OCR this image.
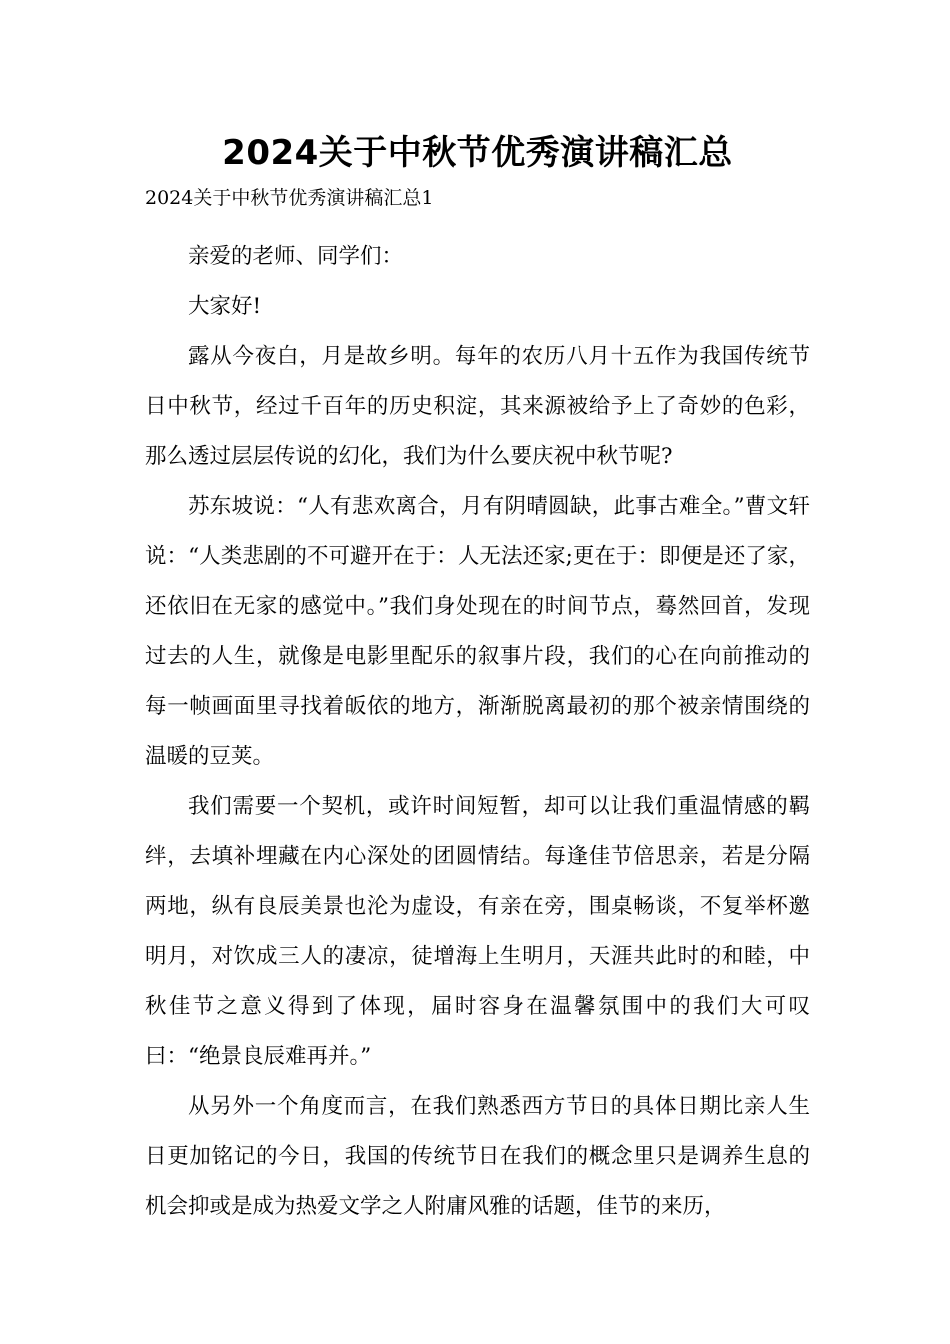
2024关于中秋节优秀演讲稿汇总
2024关于中秋节优秀演讲稿汇总1

亲爱的老师、同学们：

大家好!

露从今夜白，月是故乡明。每年的农历八月十五作为我国传统节日中秋节，经过千百年的历史积淀，其来源被给予上了奇妙的色彩，那么透过层层传说的幻化，我们为什么要庆祝中秋节呢?

苏东坡说：“人有悲欢离合，月有阴晴圆缺，此事古难全。”曹文轩说：“人类悲剧的不可避开在于：人无法还家;更在于：即便是还了家，还依旧在无家的感觉中。”我们身处现在的时间节点，蓦然回首，发现过去的人生，就像是电影里配乐的叙事片段，我们的心在向前推动的每一帧画面里寻找着皈依的地方，渐渐脱离最初的那个被亲情围绕的温暖的豆荚。

我们需要一个契机，或许时间短暂，却可以让我们重温情感的羁绊，去填补埋藏在内心深处的团圆情结。每逢佳节倍思亲，若是分隔两地，纵有良辰美景也沦为虚设，有亲在旁，围桌畅谈，不复举杯邀明月，对饮成三人的凄凉，徒增海上生明月，天涯共此时的和睦，中秋佳节之意义得到了体现，届时容身在温馨氛围中的我们大可叹曰：“绝景良辰难再并。”

从另外一个角度而言，在我们熟悉西方节日的具体日期比亲人生日更加铭记的今日，我国的传统节日在我们的概念里只是调养生息的机会抑或是成为热爱文学之人附庸风雅的话题，佳节的来历，
